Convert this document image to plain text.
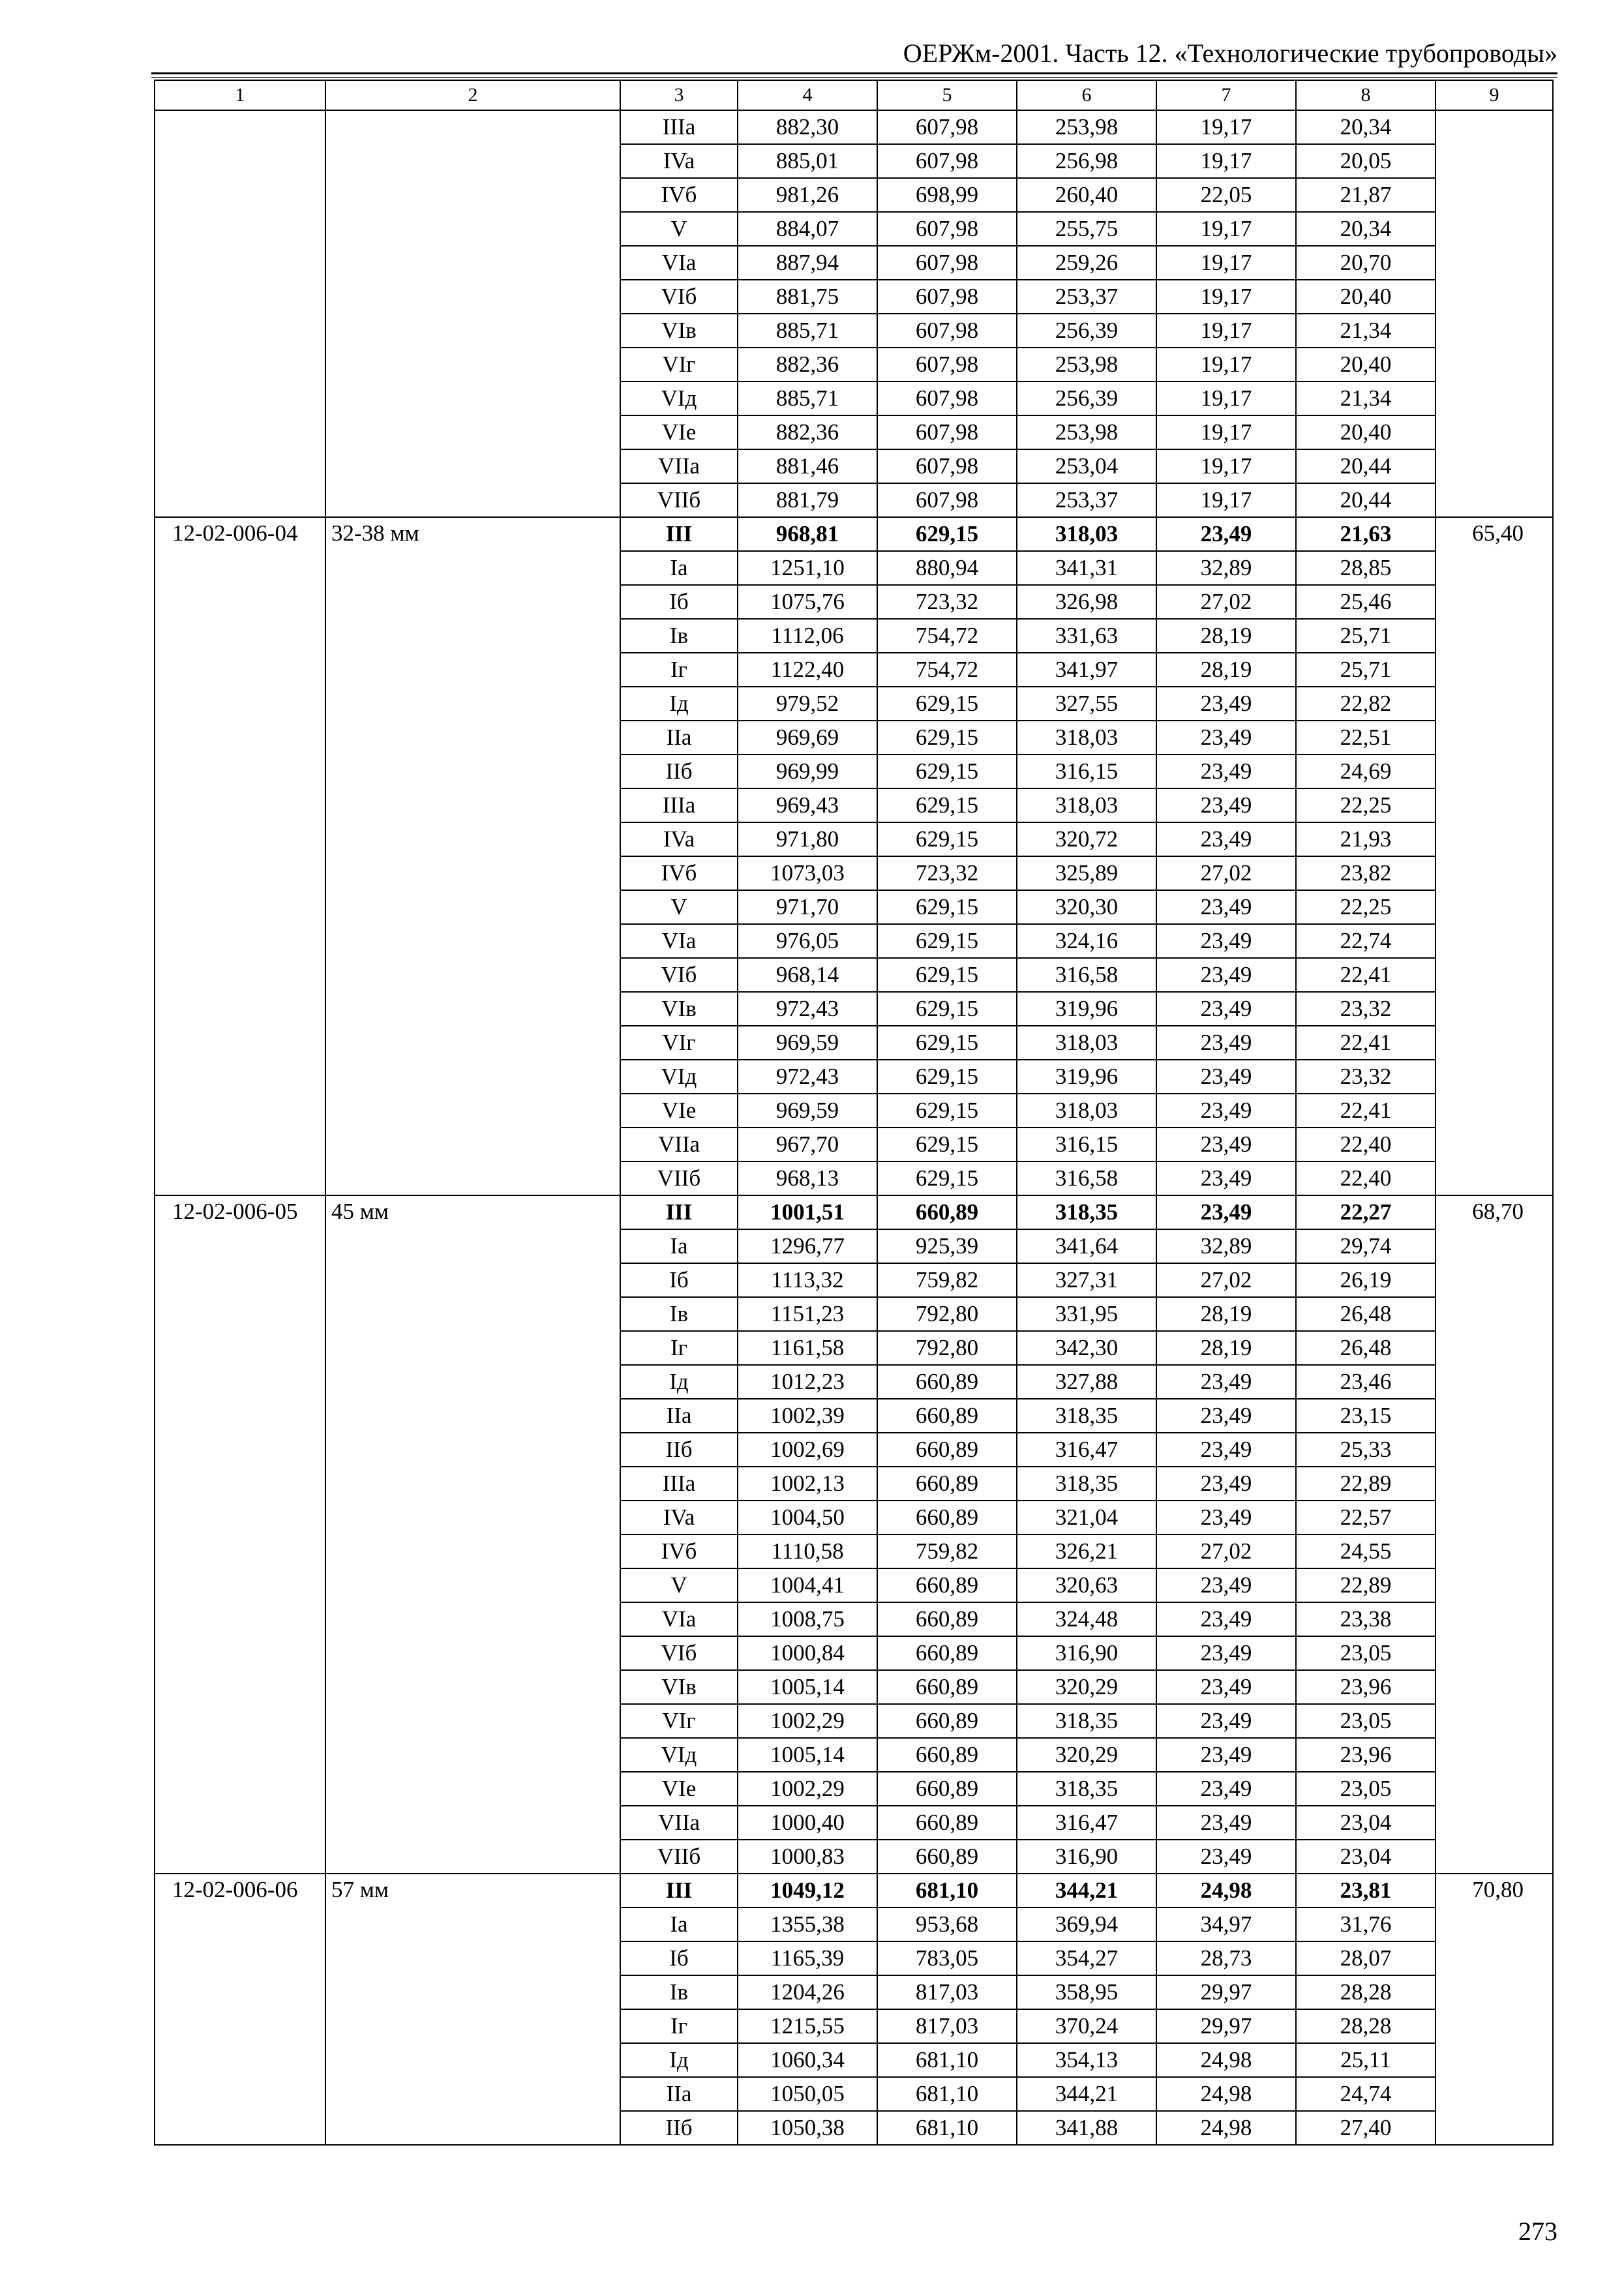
ОЕРЖм-2001. Часть 12. «Технологические трубопроводы»
1	2	3	4	5	6	7	8	9
		IIIa	882,30	607,98	253,98	19,17	20,34	
		IVa	885,01	607,98	256,98	19,17	20,05	
		IVб	981,26	698,99	260,40	22,05	21,87	
		V	884,07	607,98	255,75	19,17	20,34	
		VIa	887,94	607,98	259,26	19,17	20,70	
		VIб	881,75	607,98	253,37	19,17	20,40	
		VIв	885,71	607,98	256,39	19,17	21,34	
		VIг	882,36	607,98	253,98	19,17	20,40	
		VIд	885,71	607,98	256,39	19,17	21,34	
		VIе	882,36	607,98	253,98	19,17	20,40	
		VIIa	881,46	607,98	253,04	19,17	20,44	
		VIIб	881,79	607,98	253,37	19,17	20,44	
12-02-006-04	32-38 мм	III	968,81	629,15	318,03	23,49	21,63	65,40
		Ia	1251,10	880,94	341,31	32,89	28,85	
		Iб	1075,76	723,32	326,98	27,02	25,46	
		Iв	1112,06	754,72	331,63	28,19	25,71	
		Iг	1122,40	754,72	341,97	28,19	25,71	
		Iд	979,52	629,15	327,55	23,49	22,82	
		IIa	969,69	629,15	318,03	23,49	22,51	
		IIб	969,99	629,15	316,15	23,49	24,69	
		IIIa	969,43	629,15	318,03	23,49	22,25	
		IVa	971,80	629,15	320,72	23,49	21,93	
		IVб	1073,03	723,32	325,89	27,02	23,82	
		V	971,70	629,15	320,30	23,49	22,25	
		VIa	976,05	629,15	324,16	23,49	22,74	
		VIб	968,14	629,15	316,58	23,49	22,41	
		VIв	972,43	629,15	319,96	23,49	23,32	
		VIг	969,59	629,15	318,03	23,49	22,41	
		VIд	972,43	629,15	319,96	23,49	23,32	
		VIе	969,59	629,15	318,03	23,49	22,41	
		VIIa	967,70	629,15	316,15	23,49	22,40	
		VIIб	968,13	629,15	316,58	23,49	22,40	
12-02-006-05	45 мм	III	1001,51	660,89	318,35	23,49	22,27	68,70
		Ia	1296,77	925,39	341,64	32,89	29,74	
		Iб	1113,32	759,82	327,31	27,02	26,19	
		Iв	1151,23	792,80	331,95	28,19	26,48	
		Iг	1161,58	792,80	342,30	28,19	26,48	
		Iд	1012,23	660,89	327,88	23,49	23,46	
		IIa	1002,39	660,89	318,35	23,49	23,15	
		IIб	1002,69	660,89	316,47	23,49	25,33	
		IIIa	1002,13	660,89	318,35	23,49	22,89	
		IVa	1004,50	660,89	321,04	23,49	22,57	
		IVб	1110,58	759,82	326,21	27,02	24,55	
		V	1004,41	660,89	320,63	23,49	22,89	
		VIa	1008,75	660,89	324,48	23,49	23,38	
		VIб	1000,84	660,89	316,90	23,49	23,05	
		VIв	1005,14	660,89	320,29	23,49	23,96	
		VIг	1002,29	660,89	318,35	23,49	23,05	
		VIд	1005,14	660,89	320,29	23,49	23,96	
		VIе	1002,29	660,89	318,35	23,49	23,05	
		VIIa	1000,40	660,89	316,47	23,49	23,04	
		VIIб	1000,83	660,89	316,90	23,49	23,04	
12-02-006-06	57 мм	III	1049,12	681,10	344,21	24,98	23,81	70,80
		Ia	1355,38	953,68	369,94	34,97	31,76	
		Iб	1165,39	783,05	354,27	28,73	28,07	
		Iв	1204,26	817,03	358,95	29,97	28,28	
		Iг	1215,55	817,03	370,24	29,97	28,28	
		Iд	1060,34	681,10	354,13	24,98	25,11	
		IIa	1050,05	681,10	344,21	24,98	24,74	
		IIб	1050,38	681,10	341,88	24,98	27,40	
273
